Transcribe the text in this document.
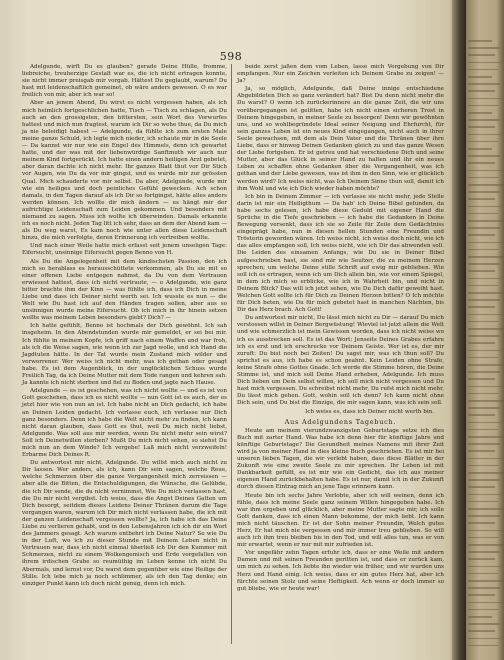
598

Adelgunde, wirft Du es glauben? gerade Deine Hülle, fromme, liebreiche, treuherzige Gestalt war es, die ich nicht ertragen konnte, sie nicht immer preisgab mir vorgab. Hättest Du geglaubt, warum? Du hast mit leidenschaftlich gemeinet, ob wäre anders gewesen. O es war freilich von mir, aber ich war so!

Aber an jenem Abend, Du wirst es nicht vergessen haben, als ich mich heimlich fortgeschlichen hatte, Tisch — Tisch zu schlagen, als Du auch an den grossigsten, den bittersten, sein Wort des Vorwurfes hattest und mich nun fragtest, warum ich Dir so wehe thue, da Du mich ja nie beleidigt habest — Adelgunde, da fühlte ich zum ersten Male meine ganze Schuld, ich legte mich nieder, ich schaute mir in die Seele — Da kannst wir nur wie ein Engel des Himmels, denn ich gewartet hatte, und der was mit der liebenwürdige Sanftmuth wir auch nur meinem Kind fortgerückt. Ich hatte einen andern heiligen Arzt gebetet, aber daran dachte ich nicht mehr. Ihr ganzes Blatt thut vor Dir Stich vor Augen, wie Du da vor mir gingst, und es wurde mir zur grössten Qual. Mich schauderte vor mir selbst. Da aber, Adelgunde, wurde mir wie ein heiliges und doch peinliches Gefühl gewecken. Ach schon damals, in den Tagen darauf als ich Dir so fortgingst, hätte alles anders werden können. Ich wollte dir mich ändern — es hängt mir der aufrichtige Leidenschaft zum Leiden gekommen. Und besonders mit niemand zu sagen. Muss ich wollte ich überwinden. Damals erkannte ich es noch nicht. Jeden Tag litt ich sehr, dass an dem der Abend kam — als Du weg warst, Es kam noch wie unter allen diese Leidenschaft hinzu, die mich verfolgte, deren Erinnerung ich vertreiben wollte.

Und nach einer Weile hatte mich erfasst seit jenem unseligen Tage: Eifersucht, unsinnige Eifersucht gegen Benno von H.

Als Du die Angelegenheit mit dem kindischsten Passion, den ich mich so herablass es herausschüttete verkommen, als Du sie mit so einer offenen Liebe entgegen nahmst, da Du von dem Vertrauen erwiesest hattest, dass ich nicht vertraute, — o Adelgunde, wie ganz bitter brachte ihm der Kinn — was fühlte ich, dass ich Dich in meine Liebe und dass ich Deiner nicht werth sei. Ich wusste es nun — die Welt wie Du hast ich auf den Händen tragen sollen, aber aus so unsinnigen wurde meine Eifersucht. Ob ich mich in ihr hinein setzen wollte was meinem Leben besonders giebt? Dich? —

Ich hatte gefühlt, Benno ist hochmals der Dich gewöhnt. Ich sah insgeheim. In den Abendstunden wurde mir gemeldet, er sei bei mir. Ich fühlte in meinem Kopfe, ich griff nach einem Waffen und war froh, als ich die Weise sagen, wie wenn ich zur Jagd wolle, und ich Hand die Jagdtuten hätte. In der Tat wurde mein Zustand mich wilder und verworrener. Wer weiss ich nicht mehr, was ich gethan oder gesagt habe. Es ist dem Augenblick, in der unglücklichen Schuss wurde Freilich Tag, da ich Deine Mutter mit dem Tode rangen und kehren sah. Ja kannte ich nicht sterben und fiel zu Boden und jagte nach Hause.

Adelgunde — es ist geschehen, was ich nicht wollte — und es ist von Gott geschehen, dass ich es nicht wollte — nun Gott ist es auch, der es jetzt hier wie von nun an ist. Ich habe nicht an Dich gedacht, ich habe an Deinen Leiden gedacht. Ich verlasse euch, ich verlasse nur Dich ganz besonders. Denn ich habe die Welt nicht mehr zu finden, ich kann nicht daran glauben, dass Gott es thut, weil Du mich nicht liebst, Adelgunde. Was soll aus mir werden, wenn Du nicht mehr sein wirst? Soll ich Deinetwillen sterben? Mußt Du mich nicht sehen, so siehst Du mich nun an dem Winde? Ich vergebe! Laß mich nicht verzweifeln! Erbarme Dich Deines R.

Du antwortest mir nicht, Adelgunde. Du willst mich auch nicht zu Dir lassen. Wer anders, als ich, kann Dir sein sagen, welche Reue, welche Schmerzen über die ganze Vergangenheit mich zerreissen — aber alle die Bitten, die Entschuldigungen, die Wünsche, die Gelübde, die ich Dir sende, die du nicht vernimmst, Wie Du mich verlassen hast, die Du mir nicht vergibst. Ich weiss, dass die Angst Deines Gatten um Dich besorgt, seitdem dieses Leidens Deiner Thränen darum die Tage vergangen waren, warum ich Dir mich nicht verlassen habe, die ich mit der ganzen Leidenschaft vergessen wollte? Ja, ich habe ich das Deine Liebe zu verlieren gehabt, und in den Lebensjahren ich ich dir ein Wort des Jammers gesagt. Ach warum entbehrt ich Deine Natur? So wie Du in der Luft, wo ich zu dieser Stunde mit Deinem Leben nicht in Vertrauen war, dass ich nicht einmal überließ ich Dir den Kummer mit Schmerzen, nicht zu einem Wolkengemisch und Erde vorgefallen von ihrem irdischen Grabe so reumüthig im Leben kenne ich nicht Du Abermals, und lernst vor, Du warst dem gegenüber wie eine Heilige der Stille. Ich lebe mich ja noch schlimmer, als ich den Tag denke; ein einziger Punkt kann ich doch nicht genug, denn ich mich.

beide zerst jaßen dem vom Leben, lasse mich Vergebung von Dir empfangen. Nur ein Zeichen verleiten ich Deinem Grabe zu zeigen! — Ja?

Ja, so möglich, Adelgunde, daß Deine innige entschiedene Abgebildeten Dich so ganz verändert hat? Bist Du denn nicht mehr die Du warst? O wenn ich zurückerinnere an die ganze Zeit, die wir uns vorübergegangen ist gelitten, habe ich nicht einen sicheren Trost in Deinem hingegeben, in meiner Seele zu besorgen! Denn wir gewöhnten uns, und so wohlbegründete Ideal seiner Neigung und Ehrfurcht, für sein ganzes Leben ist ein neues Kind eingegangen, nicht auch in ihrer Seele gewachsen, mit dem als Dein Vater und die Thränen über ihre Liebe, dass er hinweg Deinen Gedanken gleich zu und das ganze Wesen der Liebe fortgehen. Er ist getreu und hat verschiedene Dich und seine Mutter, aber das Glück in seiner Hand zu halten und ihr ein neues Leben zu schaffen ohne Gedanken über die Vergangenheit, was ich gethan und der Liebe gewesen, was ist ihm in den Sinn, wie er glücklich werden wird? Ich weiss nicht, was Ich Deinem Sinne thun soll, damit ich ihm Wohl und wie ich Dich wieder haben möchte?

Ich bin in Deinem Zimmer — ich verlasse sie nicht mehr, jede Stelle darin ist mir ein Heiligthum — Da hab' ich Deine Bibel gefunden, da habe sechs gelesen, ich habe diese Geduld mit eigener Hand die Sprüche in die Tiefe geschrieben — ich habe die Gedanken in Deine Bewegung versenkt, dass ich sie so Zeile für Zeile dem Gedächtniss eingeprägt habe, nun in diesen hellen Stunden eine Freundin und Trösterin geworden wären. Ich weiss nicht, ich weiss doch nicht, wie ich das alles empfangen soll, Ich weiss nicht, wie ich Dir das abwenden soll. Die Leiden des einsamen Anfangs, wie Du sie in Deiner Bibel aufgeschrieben hast, sie sind mir wie Seufzer, die zu meinem Herzen sprechen; um welche Deine stille Schrift auf ewig mir geblieben. Wie soll ich es ertragen, wenn ich um Dich allein bin, wie vor einem Spiegel, in dem ich mich so erblicke, wie ich in Wahrheit bin, und nicht in Deinem Blick? Das will ich jetzt sehen, wie Du Dich dafür geweiht hast. Welchen Gott sollte ich für Dich zu Deinen Herzen bitten? O Ich möchte für Dich beten, wie Du für mich gebetet hast in manchen Nächten, bis Dir das Herz brach. Ach Gott!

Du antwortest mir nicht, Du lässt mich nicht zu Dir — darauf Du mich verstossen willst in Deiner Bergwüstung! Wieviel ist jetzt allein die Welt und wie schmerzlich ist mein Gewissen worden, dass ich nicht weiss wo ich es ausstrecken soll. Es ist das Wort: Jenseits Deines Grabes erfahre ich es erst und ich erschrecke vor Deinem Geiste. Wer ist es, der mir zuruft: Du bist noch bei Zeiten! Du sagst mir, was ich thun soll? Du sprichst es aus, ich habe es schon geahnt. Kein Leiden ohne Strafe, keine Strafe ohne Gottes Gnade. Ich werde die Stimme hören, die Deine Stimme ist, und mich soll Deine Hand erheben, Adelgunde. Ich muss Dich lieben um Dein selbst willen, ich soll mich nicht vergessen und Du hast mich vergessen. Du schreibst nicht mehr, Du rufst mich nicht mehr, Du lässt mich gehen. Gott, wohin soll ich denn? Ich kann nicht ohne Dich sein, und Du bist die Einzige, die mir sagen kann, was ich sein soll.

Ich weiss es, dass ich Deiner nicht werth bin.

Aus Adelgundens Tagebuch.

Heute am meinem vierundzwanzigsten Geburtstage setze ich dies Buch mit zarter Hand. Was habe ich denn hier für künftige Jahre und künftige Geburtstage? Die Gesundheit meines Namens mit ihrer Zeit wird ja von meiner Hand in dies kleine Buch geschrieben. Es ist mir bei unseren lieben Tagen, die wir verlebt haben, dass diese Blätter in der Zukunft wie eine zweite Seele zu mir sprechen. Ihr Leben ist mit Dankbarkeit gefüllt, es ist mir wie ein Gedicht, das ich aus meiner eigenen Hand zurückbehalten habe. Es ist nur, damit ich in der Zukunft durch diesen Eintrag mich an jene Tage erinnern kann.

Heute bin ich sechs Jahre Verlobte, aber ich will weinen, denn ich fühle, dass ich meine Seele ganz seinem Willen hingegeben habe. Ich war ihm ergeben und glücklich, aber meine Mutter sagte mir, ich solle Gott danken, dass ich einen Mann bekomme, der mich liebt. Ich kann mich nicht täuschen. Er ist der Sohn meiner Freundin, Welch gutes Herz, Er hat mich nie vergessen und mir immer treu geblieben. So will auch ich ihm treu bleiben bis in den Tod, und will alles tun, was er von mir erwartet, wenn er nur mit mir zufrieden ist.

Vor ungefähr zehn Tagen erfuhr ich, dass er eine Weile mit andern Damen und mit seinen Freunden geritten ist, und dass er zurück kam, um mich zu sehen. Ich liebte ihn wieder wie früher, und wir wurden uns Herz und Hand einig. Ich weiss, dass er ein gutes Herz hat, aber ich fürchte seinen Stolz und seine Heftigkeit. Ach wenn er doch immer so gut bliebe, wie er heute war!
